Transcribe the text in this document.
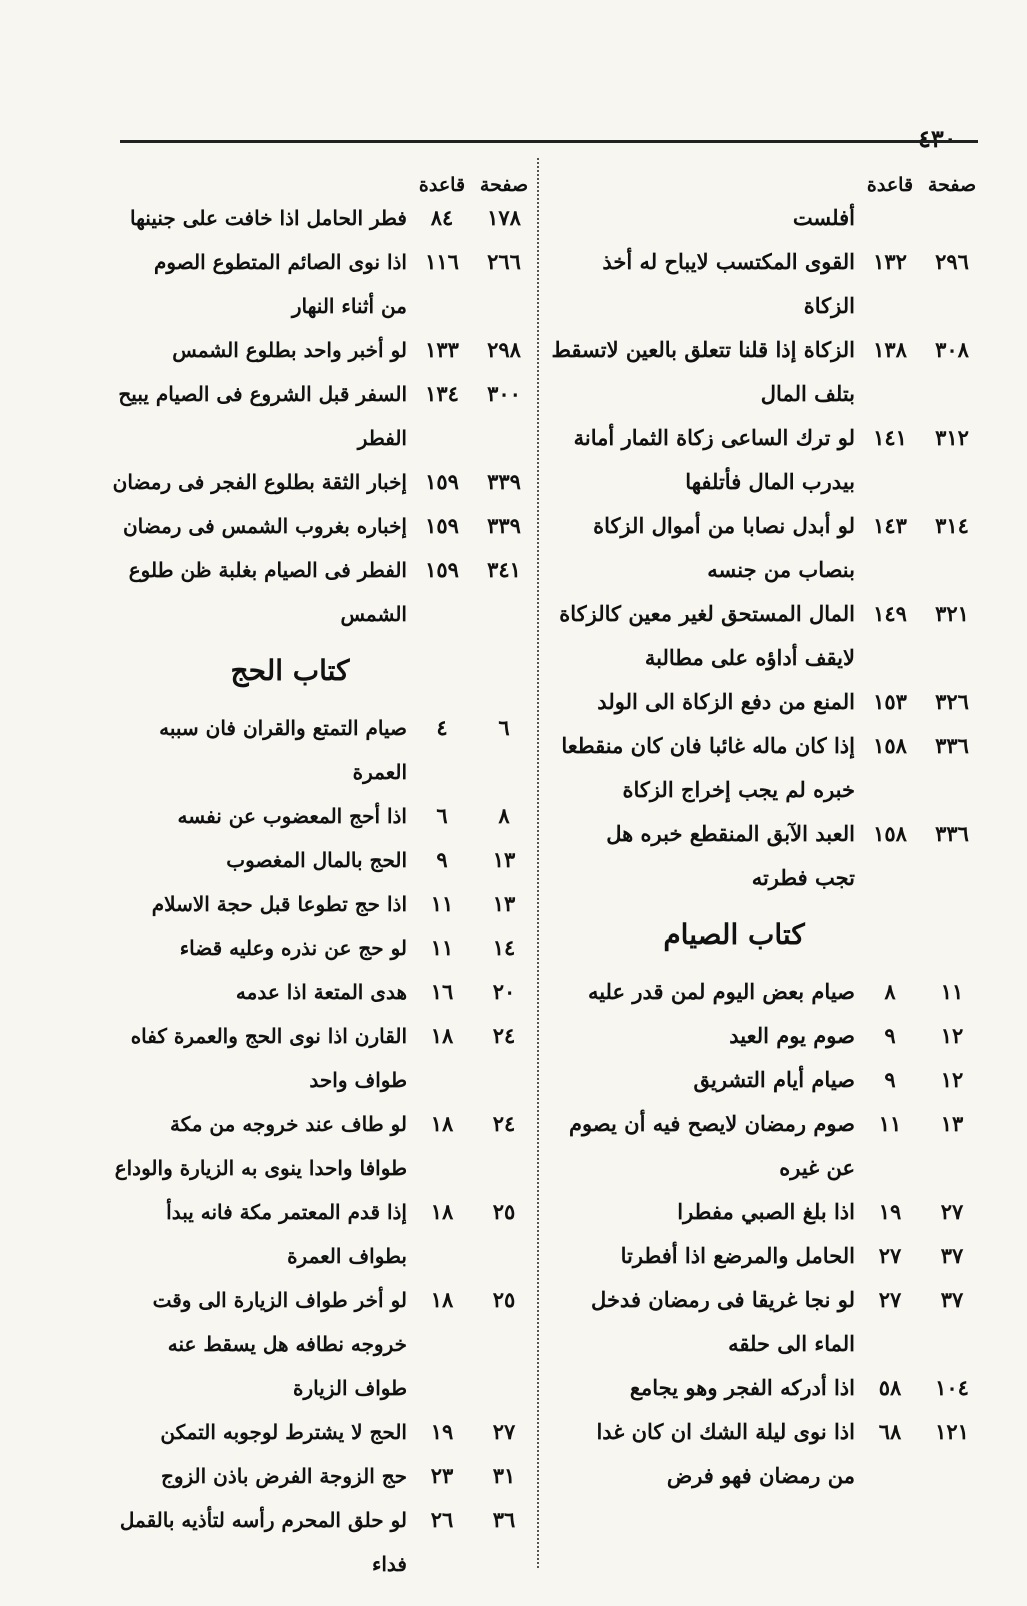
٤٣٠
صفحة
قاعدة
أفلست
٢٩٦
١٣٢
القوى المكتسب لايباح له أخذ
الزكاة
٣٠٨
١٣٨
الزكاة إذا قلنا تتعلق بالعين لاتسقط
بتلف المال
٣١٢
١٤١
لو ترك الساعى زكاة الثمار أمانة
بيدرب المال فأتلفها
٣١٤
١٤٣
لو أبدل نصابا من أموال الزكاة
بنصاب من جنسه
٣٢١
١٤٩
المال المستحق لغير معين كالزكاة
لايقف أداؤه على مطالبة
٣٢٦
١٥٣
المنع من دفع الزكاة الى الولد
٣٣٦
١٥٨
إذا كان ماله غائبا فان كان منقطعا
خبره لم يجب إخراج الزكاة
٣٣٦
١٥٨
العبد الآبق المنقطع خبره هل
تجب فطرته
كتاب الصيام
١١
٨
صيام بعض اليوم لمن قدر عليه
١٢
٩
صوم يوم العيد
١٢
٩
صيام أيام التشريق
١٣
١١
صوم رمضان لايصح فيه أن يصوم
عن غيره
٢٧
١٩
اذا بلغ الصبي مفطرا
٣٧
٢٧
الحامل والمرضع اذا أفطرتا
٣٧
٢٧
لو نجا غريقا فى رمضان فدخل
الماء الى حلقه
١٠٤
٥٨
اذا أدركه الفجر وهو يجامع
١٢١
٦٨
اذا نوى ليلة الشك ان كان غدا
من رمضان فهو فرض
صفحة
قاعدة
١٧٨
٨٤
فطر الحامل اذا خافت على جنينها
٢٦٦
١١٦
اذا نوى الصائم المتطوع الصوم
من أثناء النهار
٢٩٨
١٣٣
لو أخبر واحد بطلوع الشمس
٣٠٠
١٣٤
السفر قبل الشروع فى الصيام يبيح
الفطر
٣٣٩
١٥٩
إخبار الثقة بطلوع الفجر فى رمضان
٣٣٩
١٥٩
إخباره بغروب الشمس فى رمضان
٣٤١
١٥٩
الفطر فى الصيام بغلبة ظن طلوع
الشمس
كتاب الحج
٦
٤
صيام التمتع والقران فان سببه العمرة
٨
٦
اذا أحج المعضوب عن نفسه
١٣
٩
الحج بالمال المغصوب
١٣
١١
اذا حج تطوعا قبل حجة الاسلام
١٤
١١
لو حج عن نذره وعليه قضاء
٢٠
١٦
هدى المتعة اذا عدمه
٢٤
١٨
القارن اذا نوى الحج والعمرة كفاه
طواف واحد
٢٤
١٨
لو طاف عند خروجه من مكة
طوافا واحدا ينوى به الزيارة والوداع
٢٥
١٨
إذا قدم المعتمر مكة فانه يبدأ
بطواف العمرة
٢٥
١٨
لو أخر طواف الزيارة الى وقت
خروجه نطافه هل يسقط عنه
طواف الزيارة
٢٧
١٩
الحج لا يشترط لوجوبه التمكن
٣١
٢٣
حج الزوجة الفرض باذن الزوج
٣٦
٢٦
لو حلق المحرم رأسه لتأذيه بالقمل فداء
